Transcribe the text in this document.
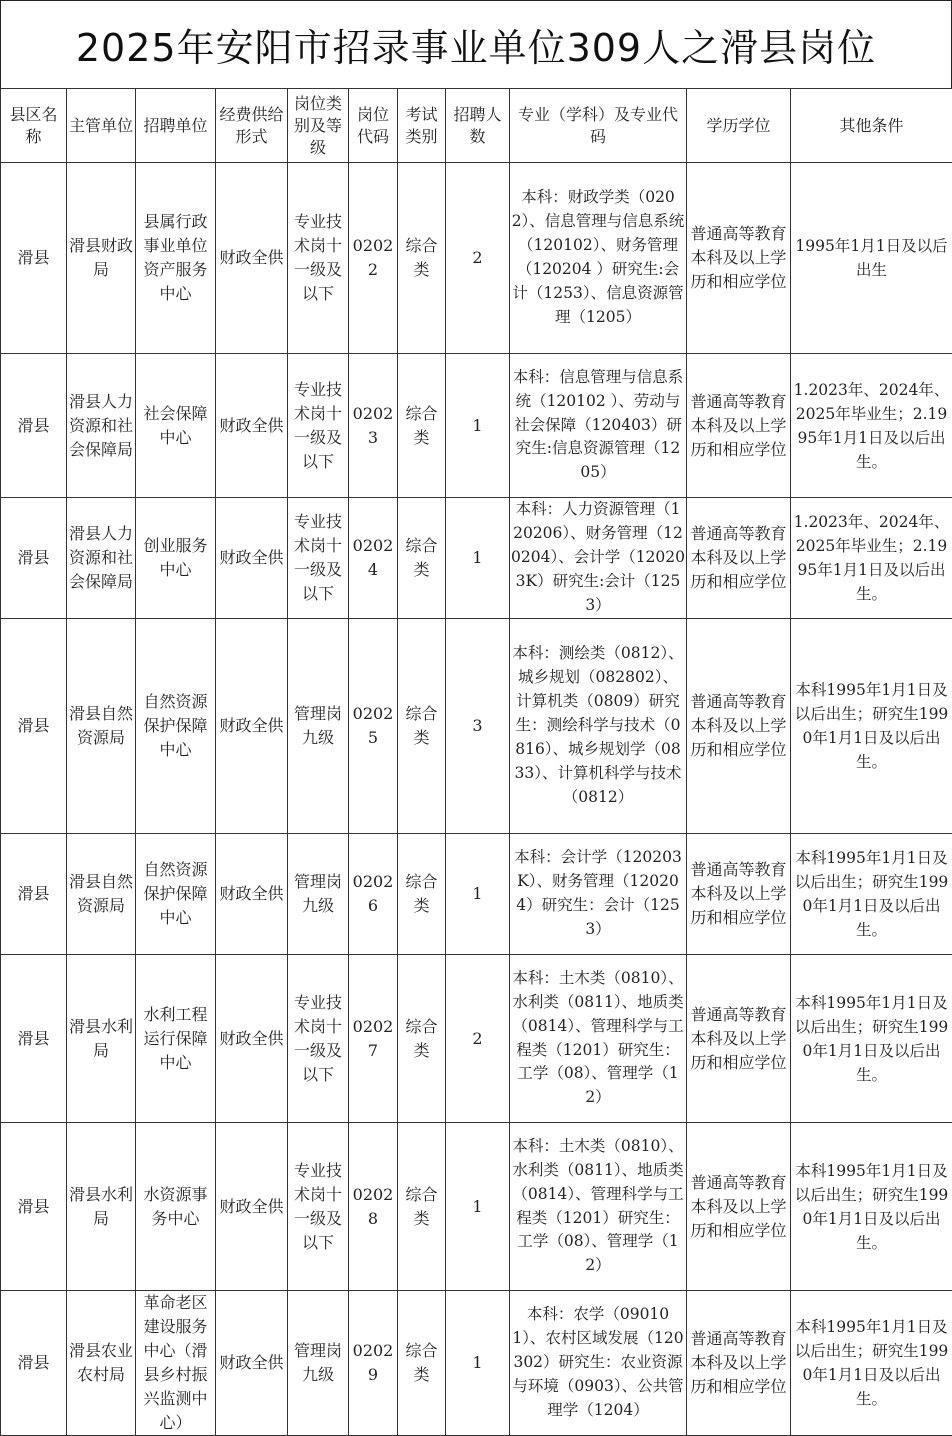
2025年安阳市招录事业单位309人之滑县岗位
县区名称	主管单位	招聘单位	经费供给形式	岗位类别及等级	岗位代码	考试类别	招聘人数	专业（学科）及专业代码	学历学位	其他条件
滑县	滑县财政局	县属行政事业单位资产服务中心	财政全供	专业技术岗十一级及以下	02022	综合类	2	本科：财政学类（0202）、信息管理与信息系统（120102）、财务管理（120204 ）研究生:会计（1253）、信息资源管理（1205）	普通高等教育本科及以上学历和相应学位	1995年1月1日及以后出生
滑县	滑县人力资源和社会保障局	社会保障中心	财政全供	专业技术岗十一级及以下	02023	综合类	1	本科：信息管理与信息系统（120102 ）、劳动与社会保障（120403）研究生:信息资源管理（1205）	普通高等教育本科及以上学历和相应学位	1.2023年、2024年、2025年毕业生；2.1995年1月1日及以后出生。
滑县	滑县人力资源和社会保障局	创业服务中心	财政全供	专业技术岗十一级及以下	02024	综合类	1	本科：人力资源管理（120206）、财务管理（120204）、会计学（120203K）研究生:会计（1253）	普通高等教育本科及以上学历和相应学位	1.2023年、2024年、2025年毕业生；2.1995年1月1日及以后出生。
滑县	滑县自然资源局	自然资源保护保障中心	财政全供	管理岗九级	02025	综合类	3	本科：测绘类（0812）、城乡规划（082802）、计算机类（0809）研究生：测绘科学与技术（0816）、城乡规划学（0833）、计算机科学与技术（0812）	普通高等教育本科及以上学历和相应学位	本科1995年1月1日及以后出生；研究生1990年1月1日及以后出生。
滑县	滑县自然资源局	自然资源保护保障中心	财政全供	管理岗九级	02026	综合类	1	本科：会计学（120203K）、财务管理（120204）研究生：会计（1253）	普通高等教育本科及以上学历和相应学位	本科1995年1月1日及以后出生；研究生1990年1月1日及以后出生。
滑县	滑县水利局	水利工程运行保障中心	财政全供	专业技术岗十一级及以下	02027	综合类	2	本科：土木类（0810）、水利类（0811）、地质类（0814）、管理科学与工程类（1201）研究生：工学（08）、管理学（12）	普通高等教育本科及以上学历和相应学位	本科1995年1月1日及以后出生；研究生1990年1月1日及以后出生。
滑县	滑县水利局	水资源事务中心	财政全供	专业技术岗十一级及以下	02028	综合类	1	本科：土木类（0810）、水利类（0811）、地质类（0814）、管理科学与工程类（1201）研究生：工学（08）、管理学（12）	普通高等教育本科及以上学历和相应学位	本科1995年1月1日及以后出生；研究生1990年1月1日及以后出生。
滑县	滑县农业农村局	革命老区建设服务中心（滑县乡村振兴监测中心）	财政全供	管理岗九级	02029	综合类	1	本科：农学（090101）、农村区域发展（120302）研究生：农业资源与环境（0903）、公共管理学（1204）	普通高等教育本科及以上学历和相应学位	本科1995年1月1日及以后出生；研究生1990年1月1日及以后出生。
